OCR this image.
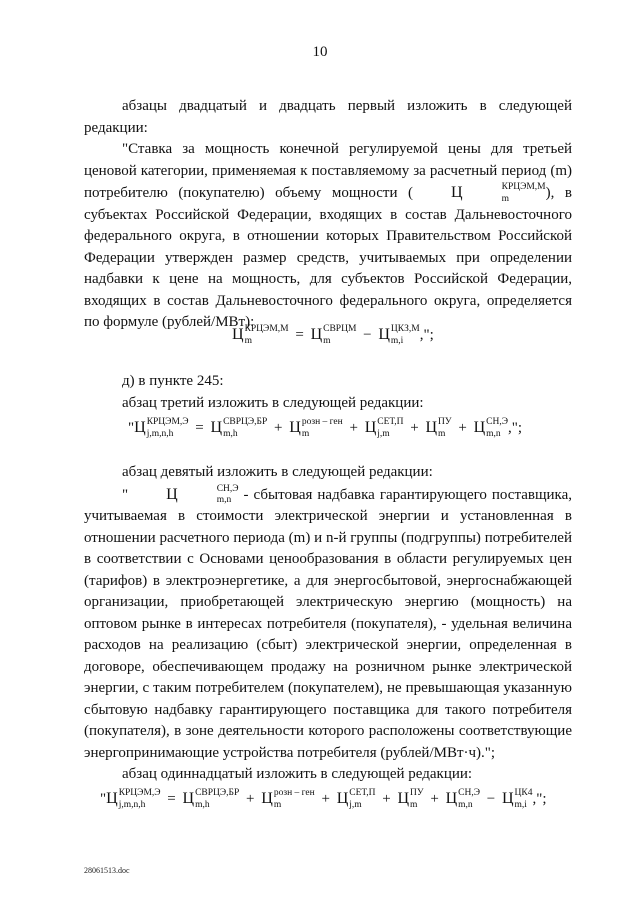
10

абзацы двадцатый и двадцать первый изложить в следующей редакции:

"Ставка за мощность конечной регулируемой цены для третьей ценовой категории, применяемая к поставляемому за расчетный период (m) потребителю (покупателю) объему мощности ( Ц	КРЦЭМ,М
m	), в субъектах Российской Федерации, входящих в состав Дальневосточного федерального округа, в отношении которых Правительством Российской Федерации утвержден размер средств, учитываемых при определении надбавки к цене на мощность, для субъектов Российской Федерации, входящих в состав Дальневосточного федерального округа, определяется по формуле (рублей/МВт):

Ц КРЦЭМ,М
m	= Ц СВРЦМ
m	− Ц ЦКЗ,М
m,i	,";

д) в пункте 245:

абзац третий изложить в следующей редакции:

"Ц КРЦЭМ,Э
j,m,n,h	= Ц СВРЦЭ,БР
m,h	+ Ц розн – ген
m	+ Ц СЕТ,П
j,m	+ Ц ПУ
m + Ц СН,Э
m,n ,";

абзац девятый изложить в следующей редакции:

" Ц	СН,Э
m,n - сбытовая надбавка гарантирующего поставщика, учитываемая в стоимости электрической энергии и установленная в отношении расчетного периода (m) и n-й группы (подгруппы) потребителей в соответствии с Основами ценообразования в области регулируемых цен (тарифов) в электроэнергетике, а для энергосбытовой, энергоснабжающей организации, приобретающей электрическую энергию (мощность) на оптовом рынке в интересах потребителя (покупателя), - удельная величина расходов на реализацию (сбыт) электрической энергии, определенная в договоре, обеспечивающем продажу на розничном рынке электрической энергии, с таким потребителем (покупателем), не превышающая указанную сбытовую надбавку гарантирующего поставщика для такого потребителя (покупателя), в зоне деятельности которого расположены соответствующие энергопринимающие устройства потребителя (рублей/МВт·ч).";

абзац одиннадцатый изложить в следующей редакции:

"Ц КРЦЭМ,Э
j,m,n,h	= Ц СВРЦЭ,БР
m,h	+ Ц розн – ген
m	+ Ц СЕТ,П
j,m	+ Ц ПУ
m + Ц СН,Э
m,n − Ц ЦК4
m,i ,";
28061513.doc
